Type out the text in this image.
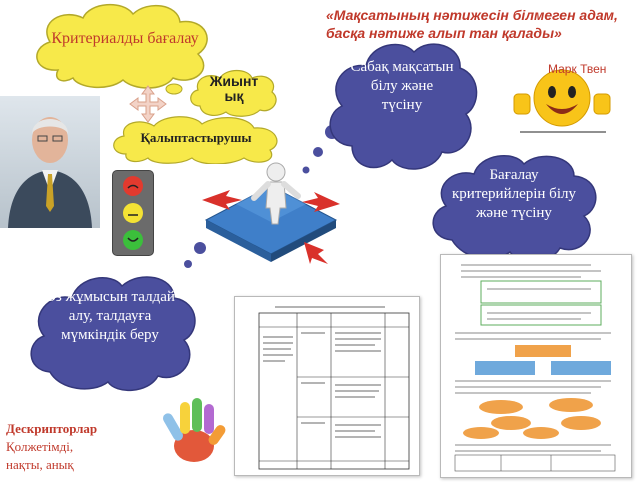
Критериалды бағалау
Жиынтық
Қалыптастырушы
Сабақ мақсатын білу және түсіну
Бағалау критерийлерін білу және түсіну
Өз жұмысын талдай алу, талдауға мүмкіндік беру
«Мақсатының нәтижесін білмеген адам, басқа нәтиже алып тан қалады»
Марк Твен
Дескрипторлар
Қолжетімді,
нақты, анық
